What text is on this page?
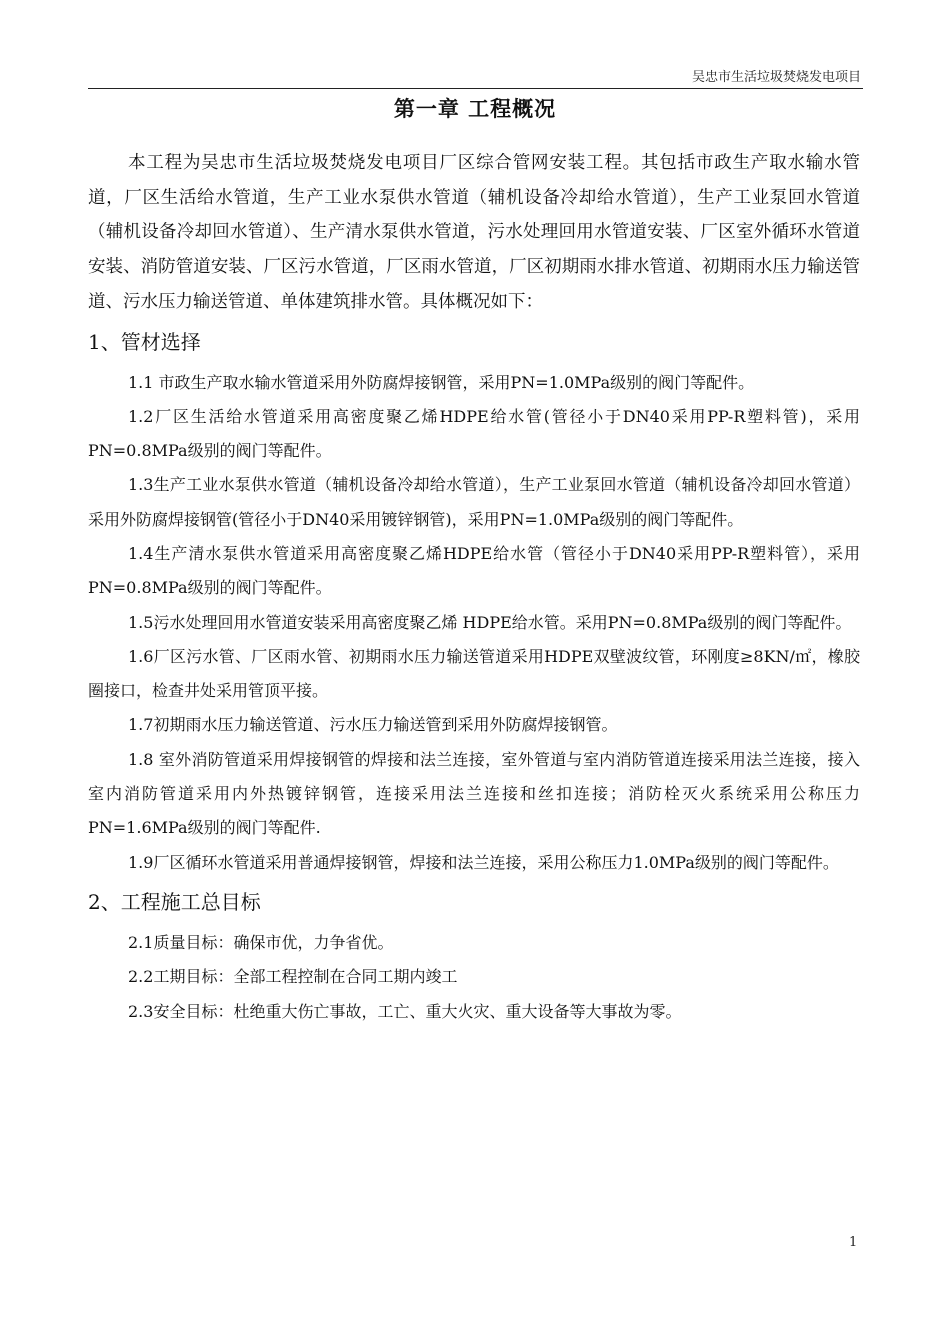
吴忠市生活垃圾焚烧发电项目
第一章 工程概况

本工程为吴忠市生活垃圾焚烧发电项目厂区综合管网安装工程。其包括市政生产取水输水管道，厂区生活给水管道，生产工业水泵供水管道（辅机设备冷却给水管道），生产工业泵回水管道（辅机设备冷却回水管道）、生产清水泵供水管道，污水处理回用水管道安装、厂区室外循环水管道安装、消防管道安装、厂区污水管道，厂区雨水管道，厂区初期雨水排水管道、初期雨水压力输送管道、污水压力输送管道、单体建筑排水管。具体概况如下：

1、管材选择

1.1 市政生产取水输水管道采用外防腐焊接钢管，采用PN=1.0MPa级别的阀门等配件。

1.2厂区生活给水管道采用高密度聚乙烯HDPE给水管(管径小于DN40采用PP-R塑料管)，采用PN=0.8MPa级别的阀门等配件。

1.3生产工业水泵供水管道（辅机设备冷却给水管道），生产工业泵回水管道（辅机设备冷却回水管道）采用外防腐焊接钢管(管径小于DN40采用镀锌钢管)，采用PN=1.0MPa级别的阀门等配件。

1.4生产清水泵供水管道采用高密度聚乙烯HDPE给水管（管径小于DN40采用PP-R塑料管），采用PN=0.8MPa级别的阀门等配件。

1.5污水处理回用水管道安装采用高密度聚乙烯 HDPE给水管。采用PN=0.8MPa级别的阀门等配件。

1.6厂区污水管、厂区雨水管、初期雨水压力输送管道采用HDPE双壁波纹管，环刚度≥8KN/㎡，橡胶圈接口，检查井处采用管顶平接。

1.7初期雨水压力输送管道、污水压力输送管到采用外防腐焊接钢管。

1.8 室外消防管道采用焊接钢管的焊接和法兰连接，室外管道与室内消防管道连接采用法兰连接，接入室内消防管道采用内外热镀锌钢管，连接采用法兰连接和丝扣连接；消防栓灭火系统采用公称压力PN=1.6MPa级别的阀门等配件.

1.9厂区循环水管道采用普通焊接钢管，焊接和法兰连接，采用公称压力1.0MPa级别的阀门等配件。

2、工程施工总目标

2.1质量目标：确保市优，力争省优。

2.2工期目标：全部工程控制在合同工期内竣工

2.3安全目标：杜绝重大伤亡事故，工亡、重大火灾、重大设备等大事故为零。

1
